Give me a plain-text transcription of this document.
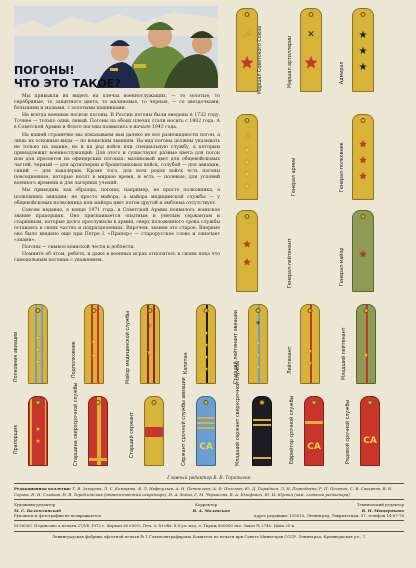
ПОГОНЫ!
ЧТО ЭТО ТАКОЕ?

Мы привыкли их видеть на плечах военнослужащих, — то золотые, то серебряные, то защитного цвета, то малиновые, то черные, — со звездочками, большими и малыми, с золотыми нашивками.

Не всегда военные носили погоны. В России погоны были введены в 1732 году. Точнее — только одни, левый. Погоны на обоих плечах стали носить с 1802 года. А в Советской Армии и Флоте погоны появились в начале 1943 года.

На нашей страничке мы показываем вам далеко не все разновидности погон, а лишь их основные виды — по воинским званиям. На вид погоны должны указывать не только на звание, но и на род войск или специальную службу, к которым принадлежит военнослужащий. Для этого и существуют разные цвета для погон или для просветов на офицерских погонах: малиновый цвет для общевойсковых частей, черный — для артиллерии и бронетанковых войск, голубой — для авиации, синий — для кавалерии. Кроме того, для всех родов войск есть погоны повседневные, которые носят в мирное время, и есть — полевые, для условий военного времени и для лагерных учений.

Мы приводим, как образцы, погоны, например, не просто полковника, а полковника авиации; не просто майора, а майора медицинской службы — у общевойсковых полковника или майора цвет погон другой и эмблема отсутствует.

Совсем недавно, в конце 1971 года, в Советской Армии появилось воинское звание прапорщик. Оно присваивается опытным и умелым сержантам и старшинам, которые долго прослужили в армии, сверх положенного срока службы оставаясь в своих частях и подразделениях. Впрочем, звание это старое. Впервые оно было введено еще при Петре I. «Прапор» — старорусское слово и означает «знамя».

Погоны — символ воинской чести и доблести.

Помните об этом, ребята, и даже в военных играх относитесь к своим пока что самодельным погонам с уважением.

☭
★ Маршал Советского Союза	✕
★
Маршал артиллерии
★
★
★
Адмирал
☭
★
★
★
★	Генерал армии
★
★
★
Генерал-полковник
★
★	Генерал-лейтенант	★
Генерал-майор
★
★
★
Полковник авиации	★
★
Подполковник
⚕
★
Майор медицинской службы	★
★
★
★
Капитан
✈
★
★
★
Старший лейтенант авиации	★
★
Лейтенант	★
Младший лейтенант
★
★
Прапорщик	Старшина сверхсрочной службы	Старший сержант	СА
Сержант срочной службы авиации	Младший сержант сверхсрочной службы	СА
Ефрейтор срочной службы	СА
Рядовой срочной службы
Главный редактор В. В. Торопыгин
Редакционная коллегия: Т. В. Захарова, Л. С. Комарова, Ф. Л. Нафтульев, А. Н. Пантелеев, А. Ф. Паломов, Ю. Д. Порайкин, Л. Н. Пожидаева, Р. П. Посевин, С. В. Сахарнов, В. В. Серова, Н. И. Сладков, Н. В. Тереблинская (ответственный секретарь), Н. А. Ходза, Г. М. Черкасова, В. А. Юзефович, Ю. И. Юрмин (зам. главного редактора)
Художник-редактор	Корректор	Технический редактор
М. С. Беломлинский	В. А. Малевская	В. Н. Мещерякова
Рукописи и фотографии не возвращаются	Адрес редакции: 193015, Ленинград, Таврическая, 37, телефон 14-67-76
М-50500. Подписано к печати 27/VII 1972 г. Формат 60×90⅛. Печ. л. 8+обл. 8,8 уч.-изд. л. Тираж 800000 экз. Заказ № 2746. Цена 25 к.
Ленинградская фабрика офсетной печати № 1 Главполиграфпрома Комитета по печати при Совете Министров СССР. Ленинград, Кронверкская ул., 7.
